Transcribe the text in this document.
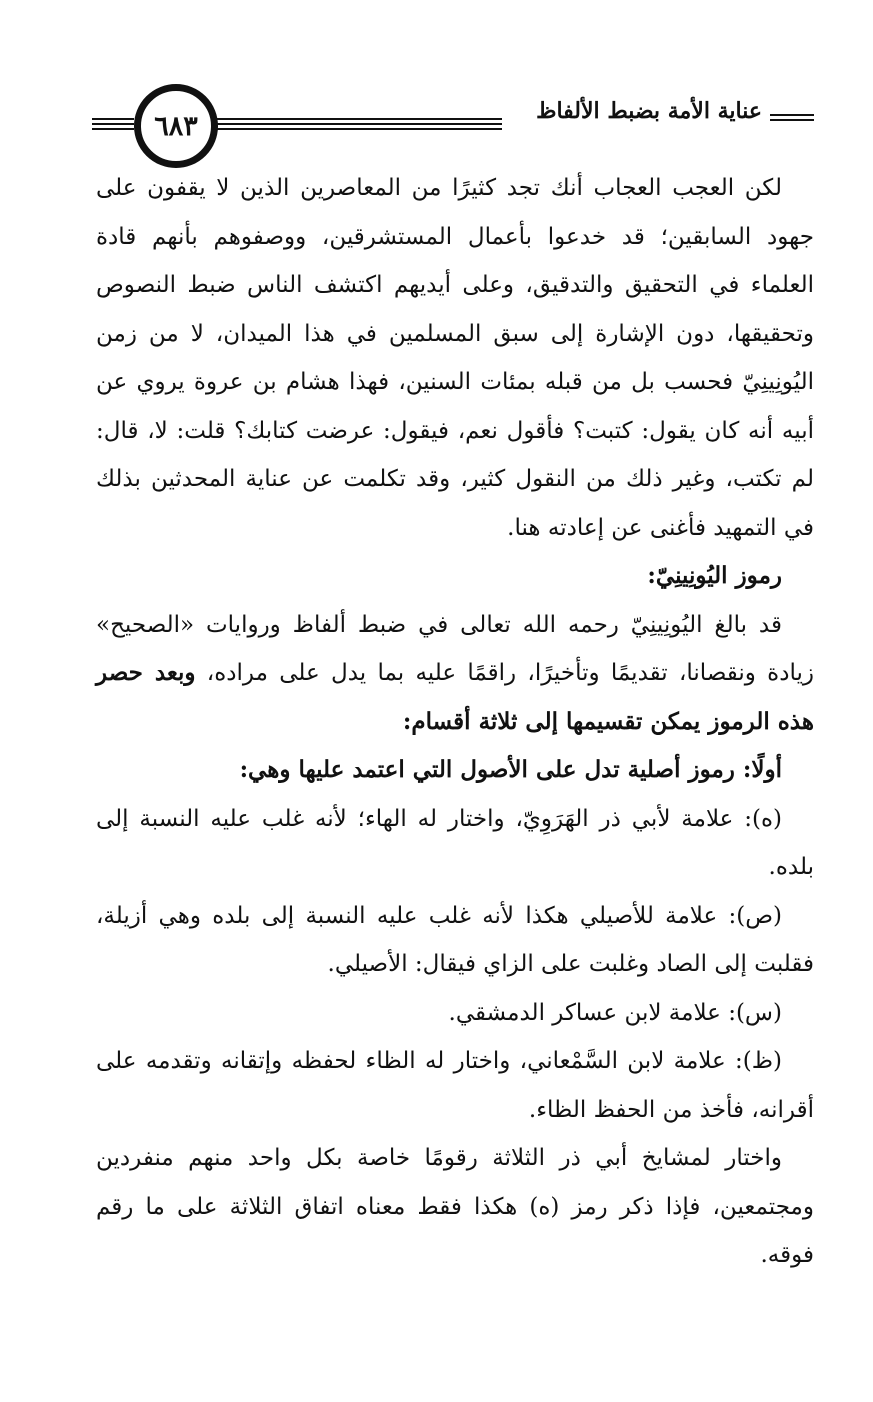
عناية الأمة بضبط الألفاظ
٦٨٣

لكن العجب العجاب أنك تجد كثيرًا من المعاصرين الذين لا يقفون على جهود السابقين؛ قد خدعوا بأعمال المستشرقين، ووصفوهم بأنهم قادة العلماء في التحقيق والتدقيق، وعلى أيديهم اكتشف الناس ضبط النصوص وتحقيقها، دون الإشارة إلى سبق المسلمين في هذا الميدان، لا من زمن اليُونِينِيّ فحسب بل من قبله بمئات السنين، فهذا هشام بن عروة يروي عن أبيه أنه كان يقول: كتبت؟ فأقول نعم، فيقول: عرضت كتابك؟ قلت: لا، قال: لم تكتب، وغير ذلك من النقول كثير، وقد تكلمت عن عناية المحدثين بذلك في التمهيد فأغنى عن إعادته هنا.

رموز اليُونِينِيّ:

قد بالغ اليُونِينِيّ رحمه الله تعالى في ضبط ألفاظ وروايات «الصحيح» زيادة ونقصانا، تقديمًا وتأخيرًا، راقمًا عليه بما يدل على مراده، وبعد حصر هذه الرموز يمكن تقسيمها إلى ثلاثة أقسام:

أولًا: رموز أصلية تدل على الأصول التي اعتمد عليها وهي:

(ه): علامة لأبي ذر الهَرَوِيّ، واختار له الهاء؛ لأنه غلب عليه النسبة إلى بلده.

(ص): علامة للأصيلي هكذا لأنه غلب عليه النسبة إلى بلده وهي أزيلة، فقلبت إلى الصاد وغلبت على الزاي فيقال: الأصيلي.

(س): علامة لابن عساكر الدمشقي.

(ظ): علامة لابن السَّمْعاني، واختار له الظاء لحفظه وإتقانه وتقدمه على أقرانه، فأخذ من الحفظ الظاء.

واختار لمشايخ أبي ذر الثلاثة رقومًا خاصة بكل واحد منهم منفردين ومجتمعين، فإذا ذكر رمز (ه) هكذا فقط معناه اتفاق الثلاثة على ما رقم فوقه.
